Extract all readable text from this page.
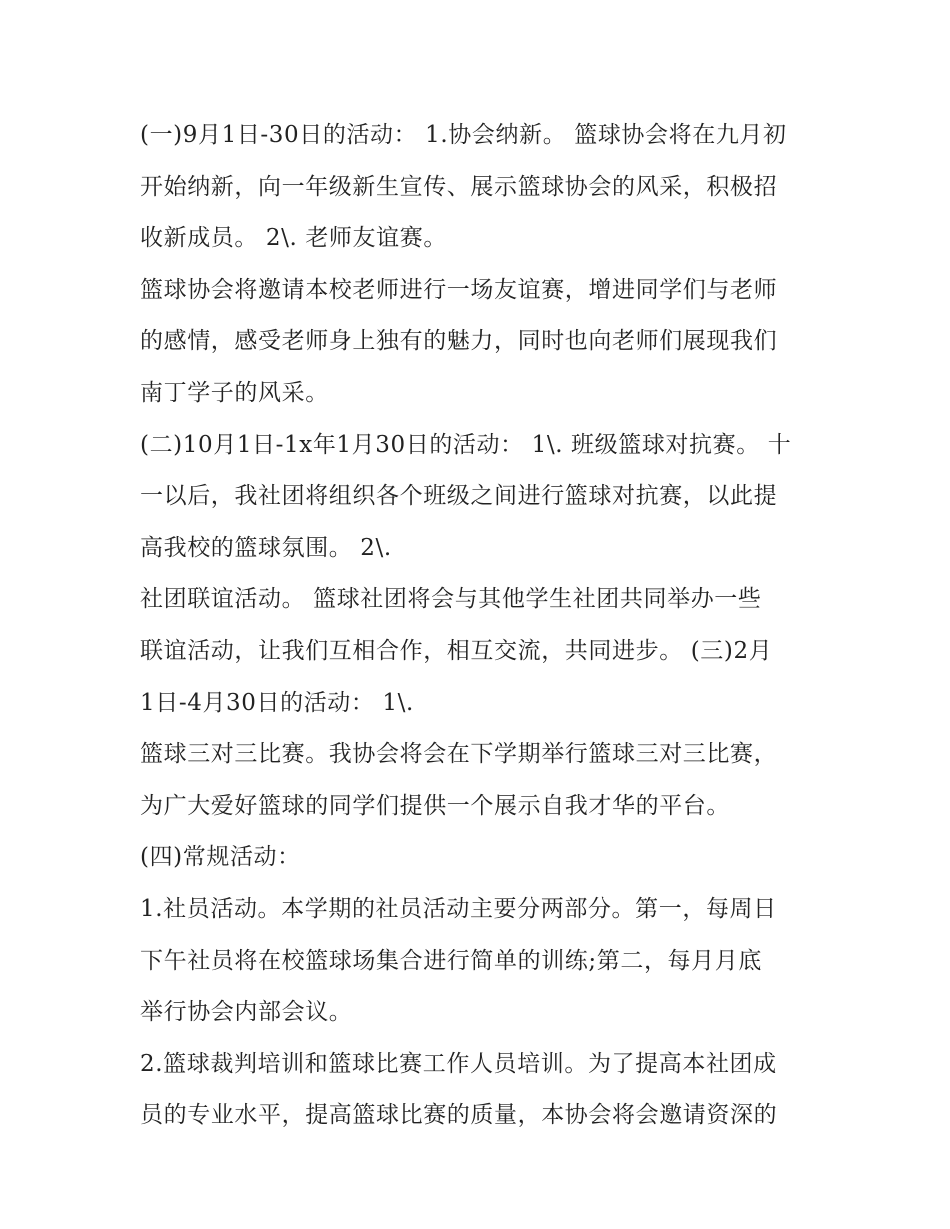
(一)9月1日-30日的活动： 1.协会纳新。 篮球协会将在九月初
开始纳新，向一年级新生宣传、展示篮球协会的风采，积极招
收新成员。 2\. 老师友谊赛。
篮球协会将邀请本校老师进行一场友谊赛，增进同学们与老师
的感情，感受老师身上独有的魅力，同时也向老师们展现我们
南丁学子的风采。
(二)10月1日-1x年1月30日的活动： 1\. 班级篮球对抗赛。 十
一以后，我社团将组织各个班级之间进行篮球对抗赛，以此提
高我校的篮球氛围。 2\.
社团联谊活动。 篮球社团将会与其他学生社团共同举办一些
联谊活动，让我们互相合作，相互交流，共同进步。 (三)2月
1日-4月30日的活动： 1\.
篮球三对三比赛。我协会将会在下学期举行篮球三对三比赛，
为广大爱好篮球的同学们提供一个展示自我才华的平台。
(四)常规活动：
1.社员活动。本学期的社员活动主要分两部分。第一，每周日
下午社员将在校篮球场集合进行简单的训练;第二，每月月底
举行协会内部会议。
2.篮球裁判培训和篮球比赛工作人员培训。为了提高本社团成
员的专业水平，提高篮球比赛的质量，本协会将会邀请资深的
